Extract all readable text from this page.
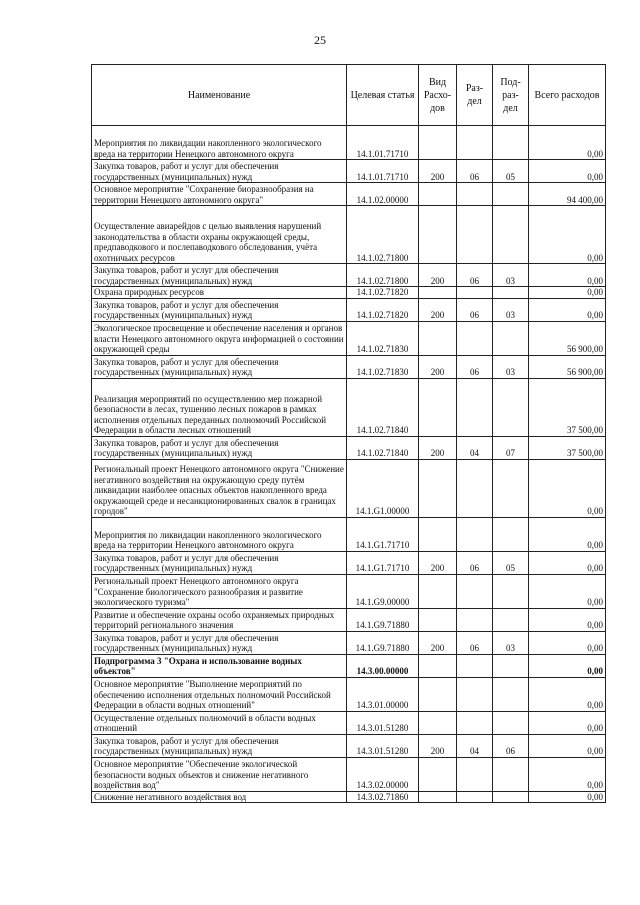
25
Наименование	Целевая статья	Вид Расхо- дов	Раз- дел	Под- раз- дел	Всего расходов
Мероприятия по ликвидации накопленного экологического вреда на территории Ненецкого автономного округа	14.1.01.71710				0,00
Закупка товаров, работ и услуг для обеспечения государственных (муниципальных) нужд	14.1.01.71710	200	06	05	0,00
Основное мероприятие "Сохранение биоразнообразия на территории Ненецкого автономного округа"	14.1.02.00000				94 400,00
Осуществление авиарейдов с целью выявления нарушений законодательства в области охраны окружающей среды, предпаводкового и послепаводкового обследования, учёта охотничьих ресурсов	14.1.02.71800				0,00
Закупка товаров, работ и услуг для обеспечения государственных (муниципальных) нужд	14.1.02.71800	200	06	03	0,00
Охрана природных ресурсов	14.1.02.71820				0,00
Закупка товаров, работ и услуг для обеспечения государственных (муниципальных) нужд	14.1.02.71820	200	06	03	0,00
Экологическое просвещение и обеспечение населения и органов власти Ненецкого автономного округа информацией о состоянии окружающей среды	14.1.02.71830				56 900,00
Закупка товаров, работ и услуг для обеспечения государственных (муниципальных) нужд	14.1.02.71830	200	06	03	56 900,00
Реализация мероприятий по осуществлению мер пожарной безопасности в лесах, тушению лесных пожаров в рамках исполнения отдельных переданных полномочий Российской Федерации в области лесных отношений	14.1.02.71840				37 500,00
Закупка товаров, работ и услуг для обеспечения государственных (муниципальных) нужд	14.1.02.71840	200	04	07	37 500,00
Региональный проект Ненецкого автономного округа "Снижение негативного воздействия на окружающую среду путём ликвидации наиболее опасных объектов накопленного вреда окружающей среде и несанкционированных свалок в границах городов"	14.1.G1.00000				0,00
Мероприятия по ликвидации накопленного экологического вреда на территории Ненецкого автономного округа	14.1.G1.71710				0,00
Закупка товаров, работ и услуг для обеспечения государственных (муниципальных) нужд	14.1.G1.71710	200	06	05	0,00
Региональный проект Ненецкого автономного округа "Сохранение биологического разнообразия и развитие экологического туризма"	14.1.G9.00000				0,00
Развитие и обеспечение охраны особо охраняемых природных территорий регионального значения	14.1.G9.71880				0,00
Закупка товаров, работ и услуг для обеспечения государственных (муниципальных) нужд	14.1.G9.71880	200	06	03	0,00
Подпрограмма 3 "Охрана и использование водных объектов"	14.3.00.00000				0,00
Основное мероприятие "Выполнение мероприятий по обеспечению исполнения отдельных полномочий Российской Федерации в области водных отношений"	14.3.01.00000				0,00
Осуществление отдельных полномочий в области водных отношений	14.3.01.51280				0,00
Закупка товаров, работ и услуг для обеспечения государственных (муниципальных) нужд	14.3.01.51280	200	04	06	0,00
Основное мероприятие "Обеспечение экологической безопасности водных объектов и снижение негативного воздействия вод"	14.3.02.00000				0,00
Снижение негативного воздействия вод	14.3.02.71860				0,00
